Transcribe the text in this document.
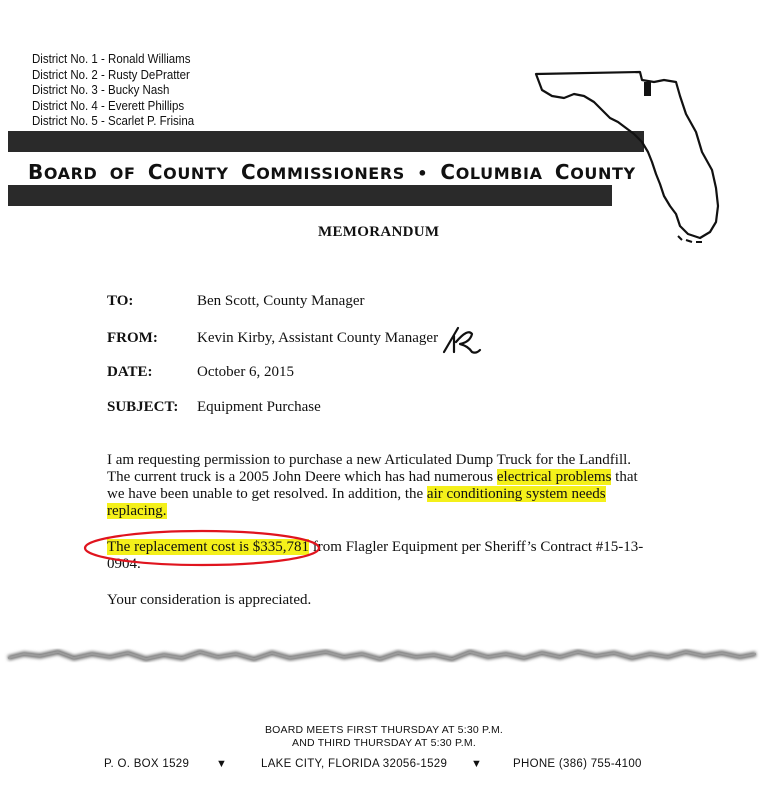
District No. 1 - Ronald Williams
District No. 2 - Rusty DePratter
District No. 3 - Bucky Nash
District No. 4 - Everett Phillips
District No. 5 - Scarlet P. Frisina
BOARD OF COUNTY COMMISSIONERS • COLUMBIA COUNTY
MEMORANDUM
TO:	Ben Scott, County Manager
FROM:	Kevin Kirby, Assistant County Manager
DATE:	October 6, 2015
SUBJECT: Equipment Purchase
I am requesting permission to purchase a new Articulated Dump Truck for the Landfill.
The current truck is a 2005 John Deere which has had numerous electrical problems that
we have been unable to get resolved. In addition, the air conditioning system needs
replacing.
The replacement cost is $335,781 from Flagler Equipment per Sheriff’s Contract #15-13-
0904.
Your consideration is appreciated.
BOARD MEETS FIRST THURSDAY AT 5:30 P.M.
AND THIRD THURSDAY AT 5:30 P.M.
P. O. BOX 1529 ▼	LAKE CITY, FLORIDA 32056-1529 ▼	PHONE (386) 755-4100
